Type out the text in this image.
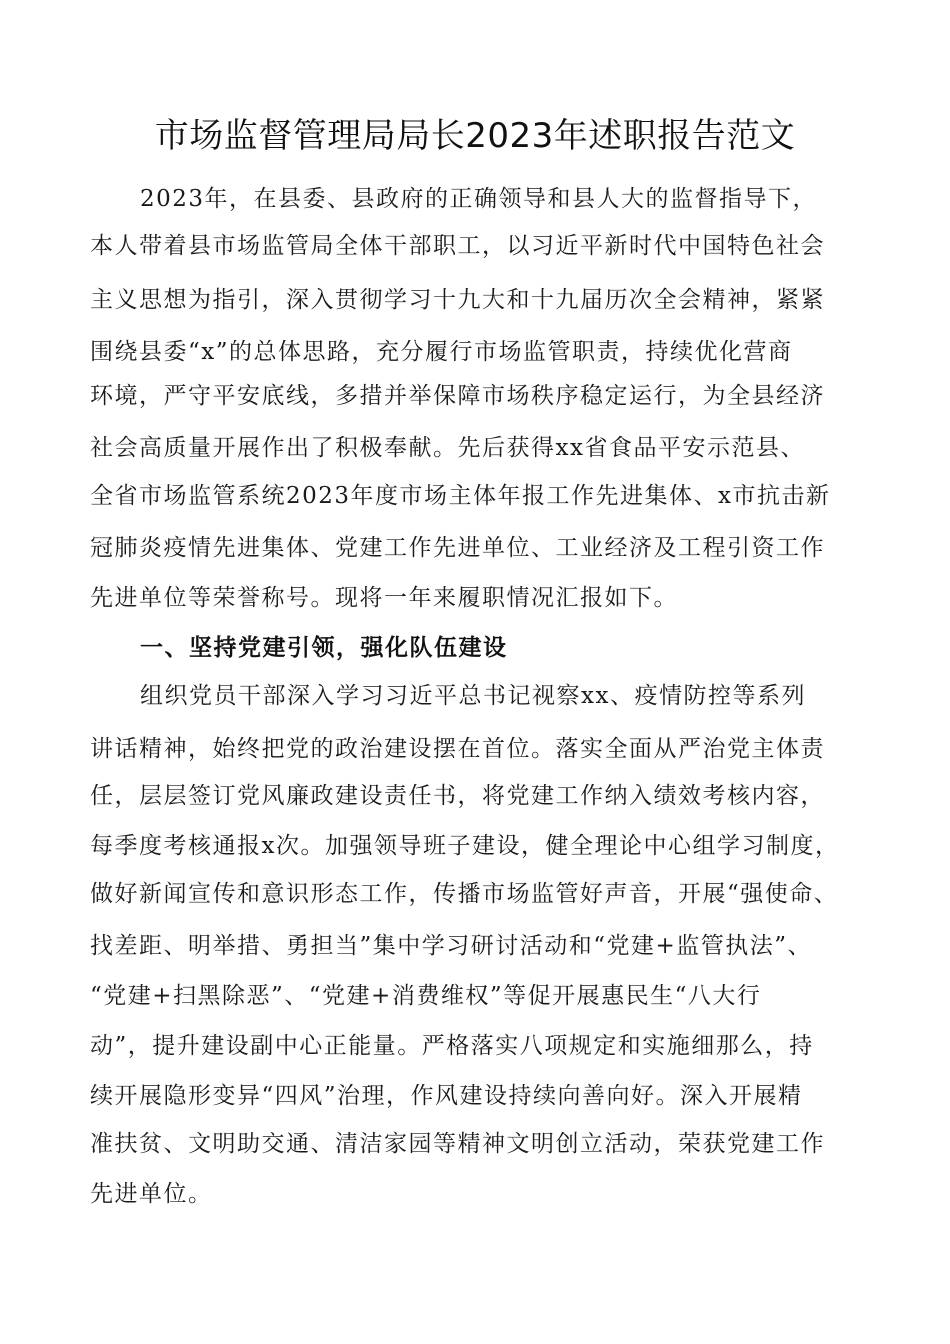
市场监督管理局局长2023年述职报告范文
2023年，在县委、县政府的正确领导和县人大的监督指导下，
本人带着县市场监管局全体干部职工，以习近平新时代中国特色社会
主义思想为指引，深入贯彻学习十九大和十九届历次全会精神，紧紧
围绕县委“x”的总体思路，充分履行市场监管职责，持续优化营商
环境，严守平安底线，多措并举保障市场秩序稳定运行，为全县经济
社会高质量开展作出了积极奉献。先后获得xx省食品平安示范县、
全省市场监管系统2023年度市场主体年报工作先进集体、x市抗击新
冠肺炎疫情先进集体、党建工作先进单位、工业经济及工程引资工作
先进单位等荣誉称号。现将一年来履职情况汇报如下。
一、坚持党建引领，强化队伍建设
组织党员干部深入学习习近平总书记视察xx、疫情防控等系列
讲话精神，始终把党的政治建设摆在首位。落实全面从严治党主体责
任，层层签订党风廉政建设责任书，将党建工作纳入绩效考核内容，
每季度考核通报x次。加强领导班子建设，健全理论中心组学习制度，
做好新闻宣传和意识形态工作，传播市场监管好声音，开展“强使命、
找差距、明举措、勇担当”集中学习研讨活动和“党建+监管执法”、
“党建+扫黑除恶”、“党建+消费维权”等促开展惠民生“八大行
动”，提升建设副中心正能量。严格落实八项规定和实施细那么，持
续开展隐形变异“四风”治理，作风建设持续向善向好。深入开展精
准扶贫、文明助交通、清洁家园等精神文明创立活动，荣获党建工作
先进单位。
